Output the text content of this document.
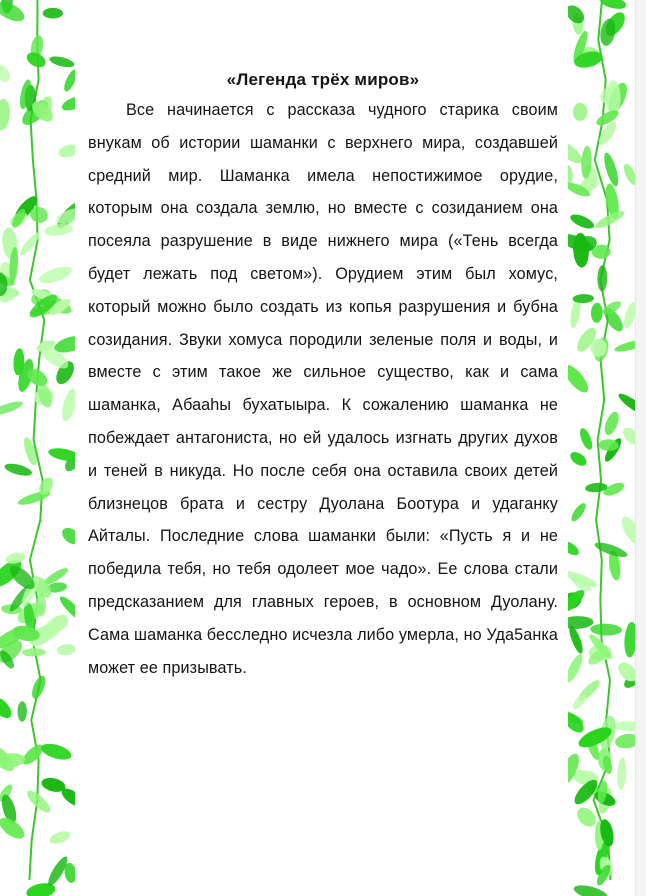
«Легенда трёх миров»

Все начинается с рассказа чудного старика своим внукам об истории шаманки с верхнего мира, создавшей средний мир. Шаманка имела непостижимое орудие, которым она создала землю, но вместе с созиданием она посеяла разрушение в виде нижнего мира («Тень всегда будет лежать под светом»). Орудием этим был хомус, который можно было создать из копья разрушения и бубна созидания. Звуки хомуса породили зеленые поля и воды, и вместе с этим такое же сильное существо, как и сама шаманка, Абааhы бухатыыра. К сожалению шаманка не побеждает антагониста, но ей удалось изгнать других духов и теней в никуда. Но после себя она оставила своих детей близнецов брата и сестру Дуолана Боотура и удаганку Айталы. Последние слова шаманки были: «Пусть я и не победила тебя, но тебя одолеет мое чадо». Ее слова стали предсказанием для главных героев, в основном Дуолану. Сама шаманка бесследно исчезла либо умерла, но Уда5анка может ее призывать.
